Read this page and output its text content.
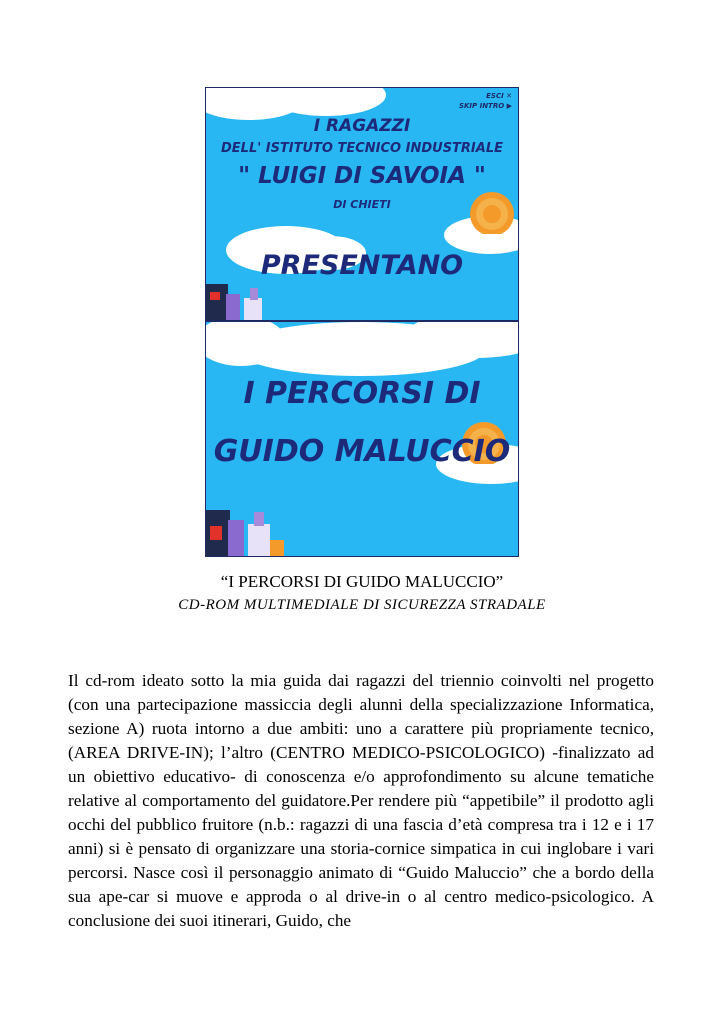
ESCI ✕
SKIP INTRO ▶
I RAGAZZI
DELL' ISTITUTO TECNICO INDUSTRIALE
" LUIGI DI SAVOIA "
DI CHIETI
PRESENTANO
I PERCORSI DI
GUIDO MALUCCIO
“I PERCORSI DI GUIDO MALUCCIO”
CD-ROM MULTIMEDIALE DI SICUREZZA STRADALE

Il cd-rom ideato sotto la mia guida dai ragazzi del triennio coinvolti nel progetto (con una partecipazione massiccia degli alunni della specializzazione Informatica, sezione A) ruota intorno a due ambiti: uno a carattere più propriamente tecnico, (AREA DRIVE-IN); l’altro (CENTRO MEDICO-PSICOLOGICO) -finalizzato ad un obiettivo educativo- di conoscenza e/o approfondimento su alcune tematiche relative al comportamento del guidatore.Per rendere più “appetibile” il prodotto agli occhi del pubblico fruitore (n.b.: ragazzi di una fascia d’età compresa tra i 12 e i 17 anni) si è pensato di organizzare una storia-cornice simpatica in cui inglobare i vari percorsi. Nasce così il personaggio animato di “Guido Maluccio” che a bordo della sua ape-car si muove e approda o al drive-in o al centro medico-psicologico. A conclusione dei suoi itinerari, Guido, che
